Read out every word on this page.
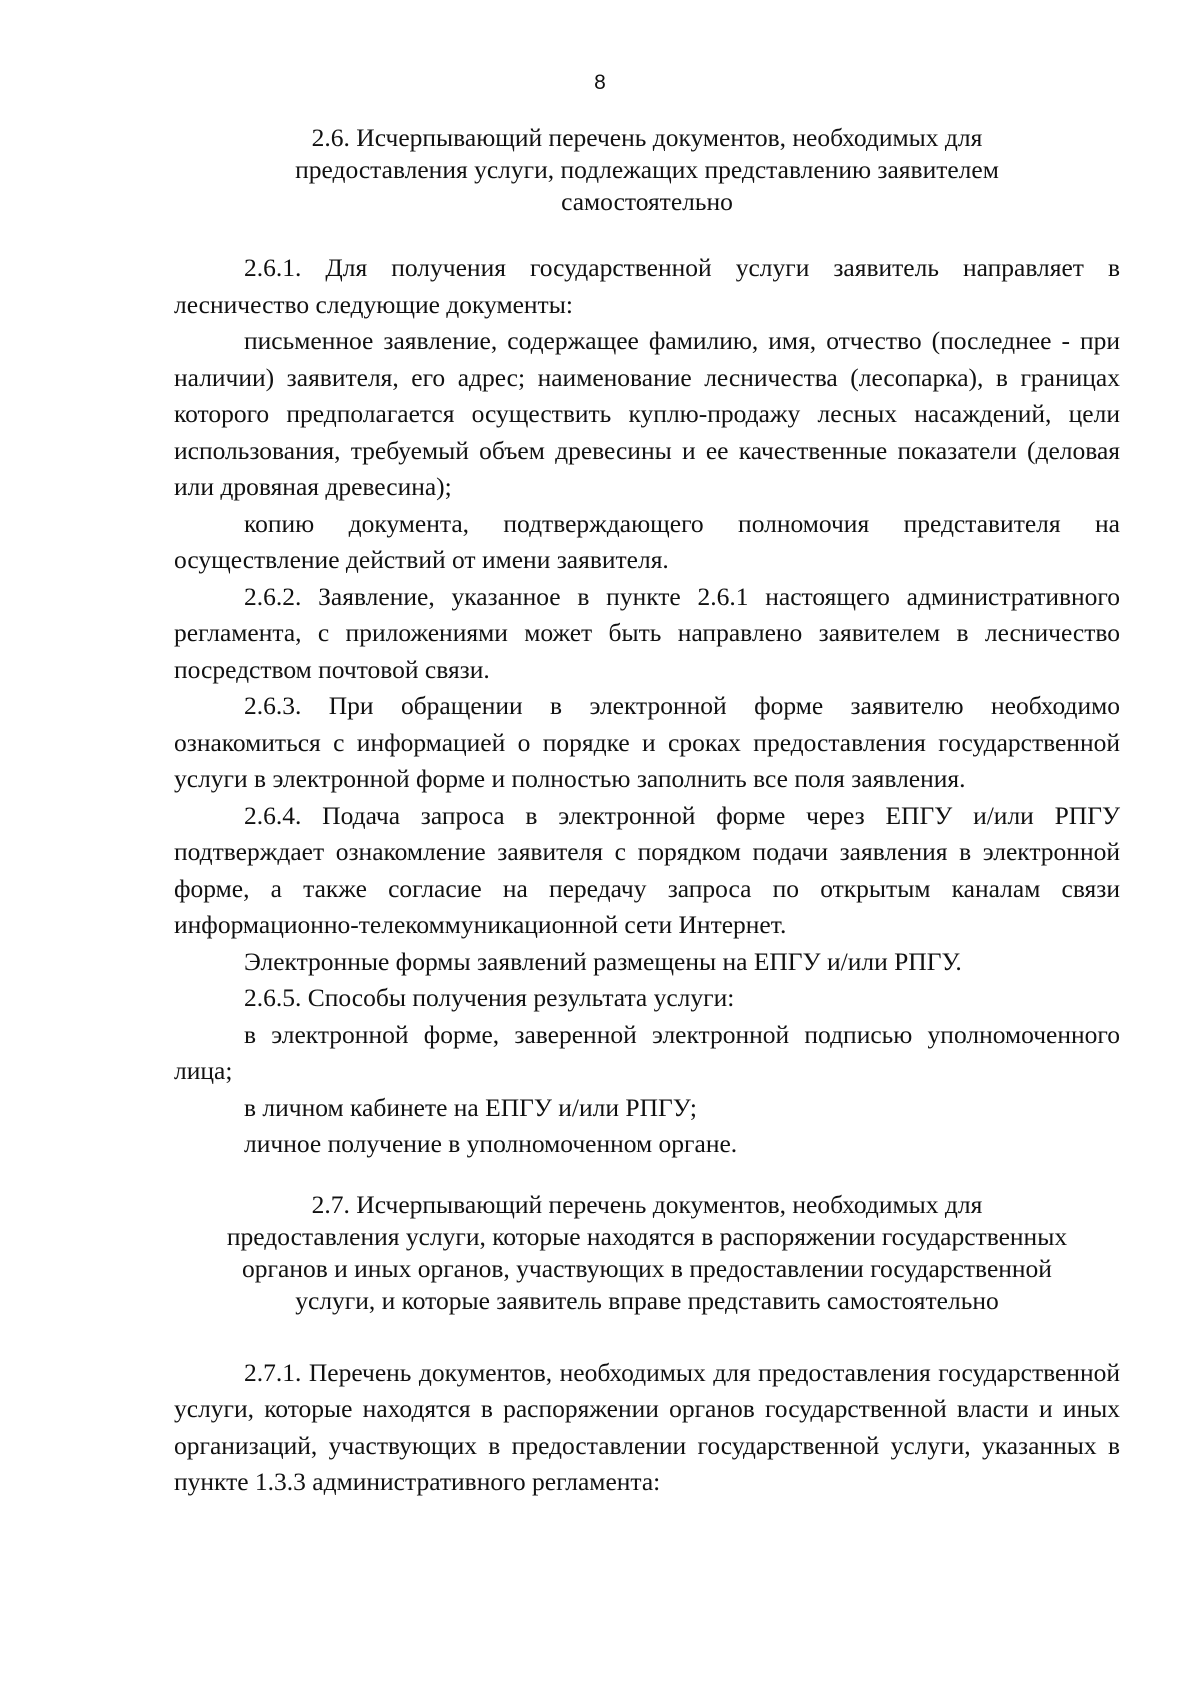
8
2.6. Исчерпывающий перечень документов, необходимых для
предоставления услуги, подлежащих представлению заявителем
самостоятельно

2.6.1. Для получения государственной услуги заявитель направляет в лесничество следующие документы:

письменное заявление, содержащее фамилию, имя, отчество (последнее - при наличии) заявителя, его адрес; наименование лесничества (лесопарка), в границах которого предполагается осуществить куплю-продажу лесных насаждений, цели использования, требуемый объем древесины и ее качественные показатели (деловая или дровяная древесина);

копию документа, подтверждающего полномочия представителя на осуществление действий от имени заявителя.

2.6.2. Заявление, указанное в пункте 2.6.1 настоящего административного регламента, с приложениями может быть направлено заявителем в лесничество посредством почтовой связи.

2.6.3. При обращении в электронной форме заявителю необходимо ознакомиться с информацией о порядке и сроках предоставления государственной услуги в электронной форме и полностью заполнить все поля заявления.

2.6.4. Подача запроса в электронной форме через ЕПГУ и/или РПГУ подтверждает ознакомление заявителя с порядком подачи заявления в электронной форме, а также согласие на передачу запроса по открытым каналам связи информационно-телекоммуникационной сети Интернет.

Электронные формы заявлений размещены на ЕПГУ и/или РПГУ.

2.6.5. Способы получения результата услуги:

в электронной форме, заверенной электронной подписью уполномоченного лица;

в личном кабинете на ЕПГУ и/или РПГУ;

личное получение в уполномоченном органе.

2.7. Исчерпывающий перечень документов, необходимых для
предоставления услуги, которые находятся в распоряжении государственных
органов и иных органов, участвующих в предоставлении государственной
услуги, и которые заявитель вправе представить самостоятельно

2.7.1. Перечень документов, необходимых для предоставления государственной услуги, которые находятся в распоряжении органов государственной власти и иных организаций, участвующих в предоставлении государственной услуги, указанных в пункте 1.3.3 административного регламента:
